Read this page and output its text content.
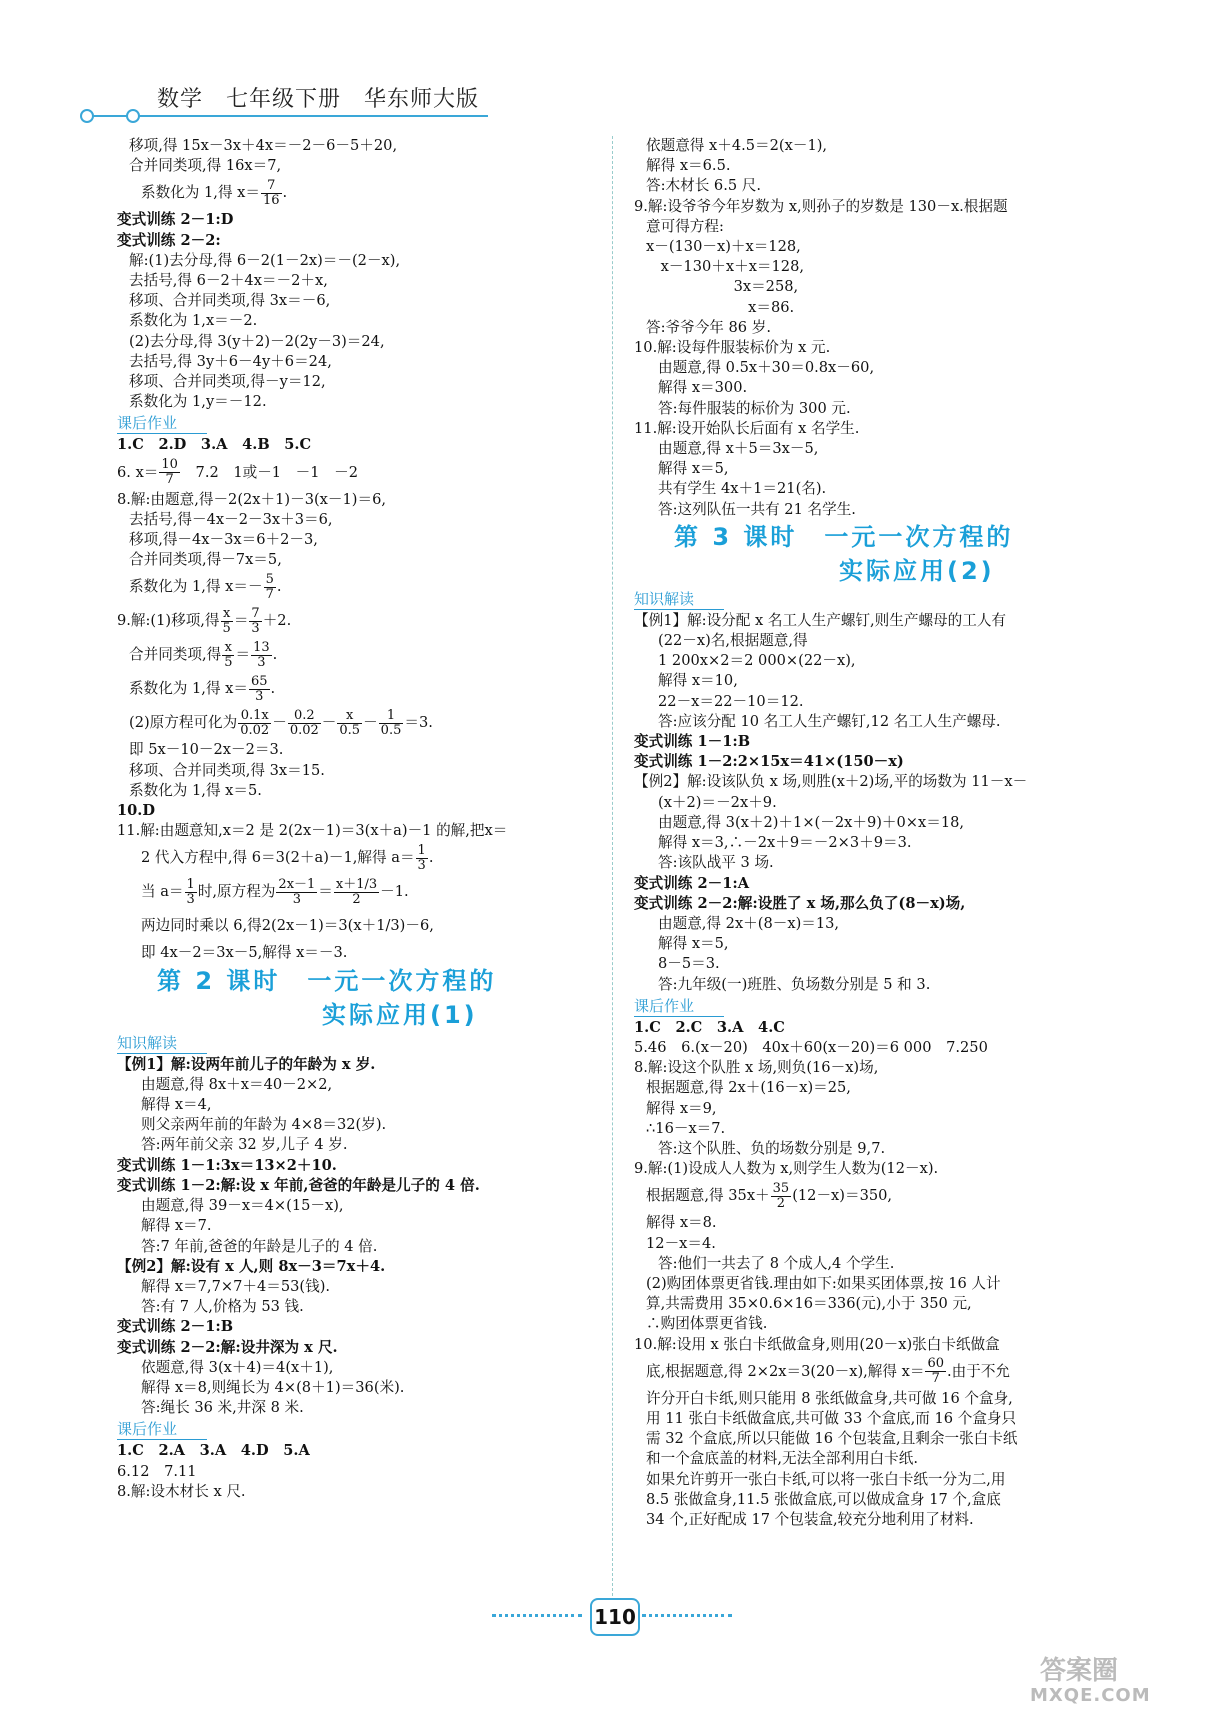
数学　七年级下册　华东师大版

移项,得 15x－3x＋4x＝－2－6－5＋20,

合并同类项,得 16x＝7,

系数化为 1,得 $x= \frac{7}{16}$ .

变式训练 2－1:D

变式训练 2－2:

解:(1)去分母,得 6－2(1－2x)＝－(2－x),

去括号,得 6－2＋4x＝－2＋x,

移项、合并同类项,得 3x＝－6,

系数化为 1,x＝－2.

(2)去分母,得 3(y＋2)－2(2y－3)＝24,

去括号,得 3y＋6－4y＋6＝24,

移项、合并同类项,得－y＝12,

系数化为 1,y＝－12.

课后作业

1.C　2.D　3.A　4.B　5.C

6. $x= \frac{10}{7}$ 　7.2　1或－1　－1　－2

8.解:由题意,得－2(2x＋1)－3(x－1)＝6,

去括号,得－4x－2－3x＋3＝6,

移项,得－4x－3x＝6＋2－3,

合并同类项,得－7x＝5,

系数化为 1,得 $x=- \frac{5}{7}$ .

9.解:(1)移项,得 $\frac{x}{5} = \frac{7}{3} +2$.

合并同类项,得 $\frac{x}{5} = \frac{13}{3}$ .

系数化为 1,得 $x= \frac{65}{3}$ .

(2)原方程可化为 $\frac{0.1x}{0.02} - \frac{0.2}{0.02} - \frac{x}{0.5} - \frac{1}{0.5} =3$.

即 5x－10－2x－2＝3.

移项、合并同类项,得 3x＝15.

系数化为 1,得 x＝5.

10.D

11.解:由题意知,x＝2 是 2(2x－1)＝3(x＋a)－1 的解,把x＝

2 代入方程中,得 6＝3(2＋a)－1,解得 $a= \frac{1}{3}$ .

当 $a= \frac{1}{3}$ 时,原方程为 $\frac{2x-1}{3} = \frac{x+1/3}{2} -1$.

两边同时乘以 6,得2(2x－1)＝3(x＋1/3)－6,

即 4x－2＝3x－5,解得 x＝－3.

第 2 课时　一元一次方程的
实际应用(1)
知识解读

【例1】解:设两年前儿子的年龄为 x 岁.

由题意,得 8x＋x＝40－2×2,

解得 x＝4,

则父亲两年前的年龄为 4×8＝32(岁).

答:两年前父亲 32 岁,儿子 4 岁.

变式训练 1－1:3x＝13×2＋10.

变式训练 1－2:解:设 x 年前,爸爸的年龄是儿子的 4 倍.

由题意,得 39－x＝4×(15－x),

解得 x＝7.

答:7 年前,爸爸的年龄是儿子的 4 倍.

【例2】解:设有 x 人,则 8x－3＝7x＋4.

解得 x＝7,7×7＋4＝53(钱).

答:有 7 人,价格为 53 钱.

变式训练 2－1:B

变式训练 2－2:解:设井深为 x 尺.

依题意,得 3(x＋4)＝4(x＋1),

解得 x＝8,则绳长为 4×(8＋1)＝36(米).

答:绳长 36 米,井深 8 米.

课后作业

1.C　2.A　3.A　4.D　5.A

6.12　7.11

8.解:设木材长 x 尺.

依题意得 x＋4.5＝2(x－1),

解得 x＝6.5.

答:木材长 6.5 尺.

9.解:设爷爷今年岁数为 x,则孙子的岁数是 130－x.根据题

意可得方程:

x－(130－x)＋x＝128,

　x－130＋x＋x＝128,

　　　　　　3x＝258,

　　　　　　　x＝86.

答:爷爷今年 86 岁.

10.解:设每件服装标价为 x 元.

由题意,得 0.5x＋30＝0.8x－60,

解得 x＝300.

答:每件服装的标价为 300 元.

11.解:设开始队长后面有 x 名学生.

由题意,得 x＋5＝3x－5,

解得 x＝5,

共有学生 4x＋1＝21(名).

答:这列队伍一共有 21 名学生.

第 3 课时　一元一次方程的
实际应用(2)
知识解读

【例1】解:设分配 x 名工人生产螺钉,则生产螺母的工人有

(22－x)名,根据题意,得

1 200x×2＝2 000×(22－x),

解得 x＝10,

22－x＝22－10＝12.

答:应该分配 10 名工人生产螺钉,12 名工人生产螺母.

变式训练 1－1:B

变式训练 1－2:2×15x＝41×(150－x)

【例2】解:设该队负 x 场,则胜(x＋2)场,平的场数为 11－x－

(x＋2)＝－2x＋9.

由题意,得 3(x＋2)＋1×(－2x＋9)＋0×x＝18,

解得 x＝3,∴－2x＋9＝－2×3＋9＝3.

答:该队战平 3 场.

变式训练 2－1:A

变式训练 2－2:解:设胜了 x 场,那么负了(8－x)场,

由题意,得 2x＋(8－x)＝13,

解得 x＝5,

8－5＝3.

答:九年级(一)班胜、负场数分别是 5 和 3.

课后作业

1.C　2.C　3.A　4.C

5.46　6.(x－20)　40x＋60(x－20)＝6 000　7.250

8.解:设这个队胜 x 场,则负(16－x)场,

根据题意,得 2x＋(16－x)＝25,

解得 x＝9,

∴16－x＝7.

答:这个队胜、负的场数分别是 9,7.

9.解:(1)设成人人数为 x,则学生人数为(12－x).

根据题意,得 $35x+ \frac{35}{2} (12-x)=350$,

解得 x＝8.

12－x＝4.

答:他们一共去了 8 个成人,4 个学生.

(2)购团体票更省钱.理由如下:如果买团体票,按 16 人计

算,共需费用 35×0.6×16＝336(元),小于 350 元,

∴购团体票更省钱.

10.解:设用 x 张白卡纸做盒身,则用(20－x)张白卡纸做盒

底,根据题意,得 2×2x＝3(20－x),解得 $x= \frac{60}{7}$ .由于不允

许分开白卡纸,则只能用 8 张纸做盒身,共可做 16 个盒身,

用 11 张白卡纸做盒底,共可做 33 个盒底,而 16 个盒身只

需 32 个盒底,所以只能做 16 个包装盒,且剩余一张白卡纸

和一个盒底盖的材料,无法全部利用白卡纸.

如果允许剪开一张白卡纸,可以将一张白卡纸一分为二,用

8.5 张做盒身,11.5 张做盒底,可以做成盒身 17 个,盒底

34 个,正好配成 17 个包装盒,较充分地利用了材料.

110
答案圈
MXQE.COM
